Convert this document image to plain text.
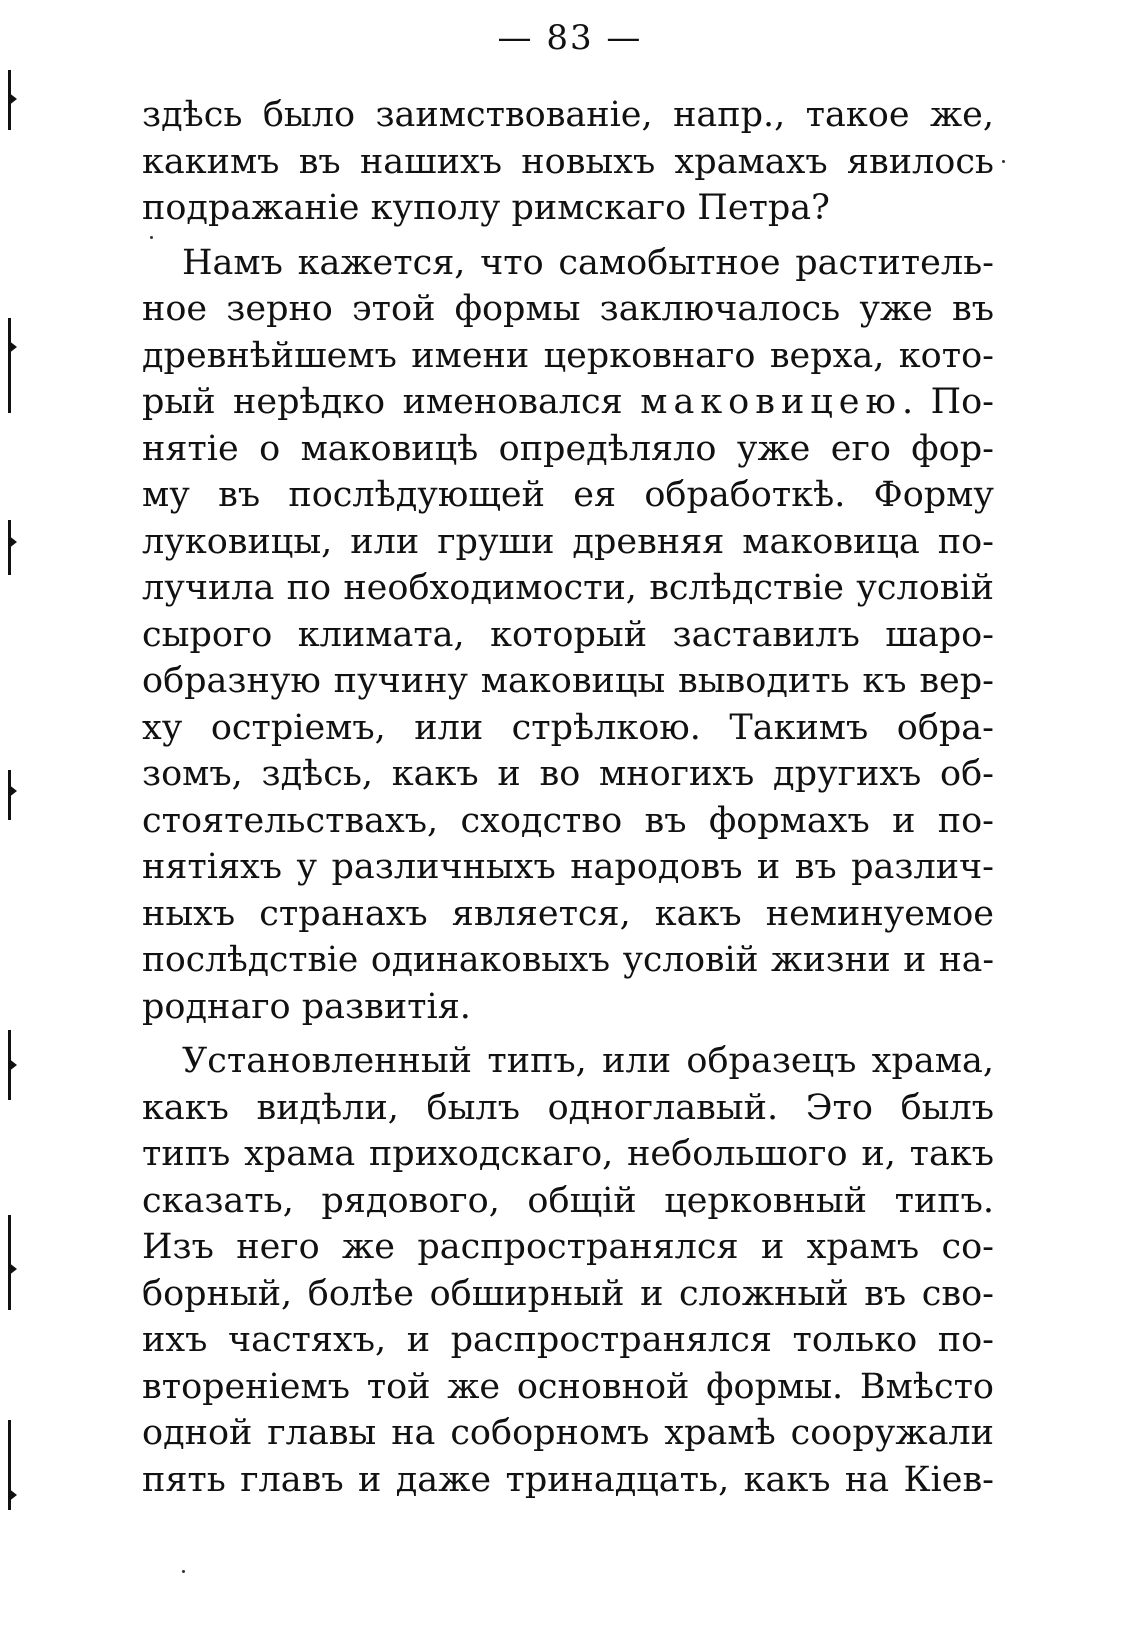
— 83 —
здѣсь было заимствованіе, напр., такое же,
какимъ въ нашихъ новыхъ храмахъ явилось
подражаніе куполу римскаго Петра?
Намъ кажется, что самобытное раститель-
ное зерно этой формы заключалось уже въ
древнѣйшемъ имени церковнаго верха, кото-
рый нерѣдко именовался маковицею. По-
нятіе о маковицѣ опредѣляло уже его фор-
му въ послѣдующей ея обработкѣ. Форму
луковицы, или груши древняя маковица по-
лучила по необходимости, вслѣдствіе условій
сырого климата, который заставилъ шаро-
образную пучину маковицы выводить къ вер-
ху остріемъ, или стрѣлкою. Такимъ обра-
зомъ, здѣсь, какъ и во многихъ другихъ об-
стоятельствахъ, сходство въ формахъ и по-
нятіяхъ у различныхъ народовъ и въ различ-
ныхъ странахъ является, какъ неминуемое
послѣдствіе одинаковыхъ условій жизни и на-
роднаго развитія.
Установленный типъ, или образецъ храма,
какъ видѣли, былъ одноглавый. Это былъ
типъ храма приходскаго, небольшого и, такъ
сказать, рядового, общій церковный типъ.
Изъ него же распространялся и храмъ со-
борный, болѣе обширный и сложный въ сво-
ихъ частяхъ, и распространялся только по-
вторенiемъ той же основной формы. Вмѣсто
одной главы на соборномъ храмѣ сооружали
пять главъ и даже тринадцать, какъ на Кіев-
